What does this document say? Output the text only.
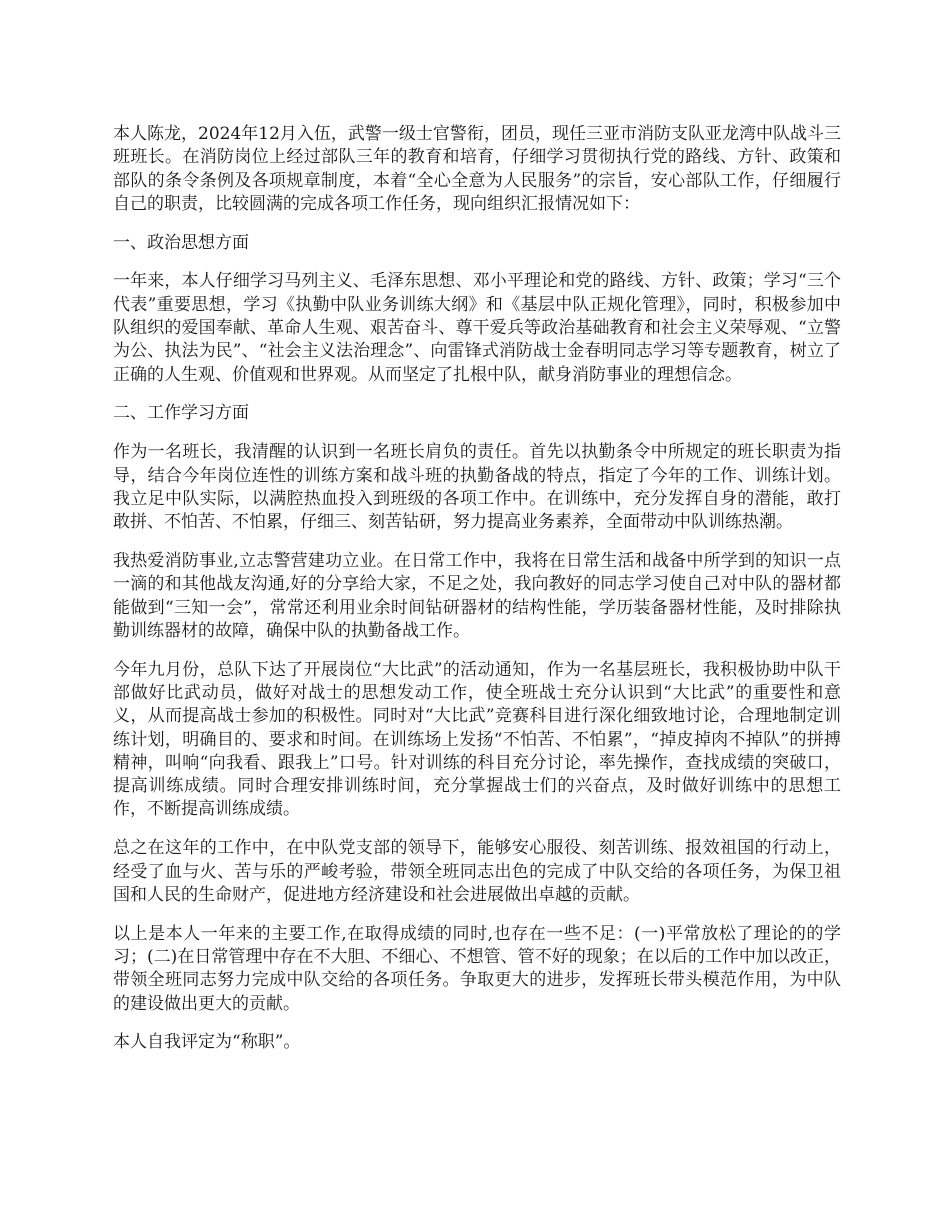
本人陈龙，2024年12月入伍，武警一级士官警衔，团员，现任三亚市消防支队亚龙湾中队战斗三班班长。在消防岗位上经过部队三年的教育和培育，仔细学习贯彻执行党的路线、方针、政策和部队的条令条例及各项规章制度，本着“全心全意为人民服务”的宗旨，安心部队工作，仔细履行自己的职责，比较圆满的完成各项工作任务，现向组织汇报情况如下：

一、政治思想方面

一年来，本人仔细学习马列主义、毛泽东思想、邓小平理论和党的路线、方针、政策；学习“三个代表”重要思想，学习《执勤中队业务训练大纲》和《基层中队正规化管理》，同时，积极参加中队组织的爱国奉献、革命人生观、艰苦奋斗、尊干爱兵等政治基础教育和社会主义荣辱观、“立警为公、执法为民”、“社会主义法治理念”、向雷锋式消防战士金春明同志学习等专题教育，树立了正确的人生观、价值观和世界观。从而坚定了扎根中队，献身消防事业的理想信念。

二、工作学习方面

作为一名班长，我清醒的认识到一名班长肩负的责任。首先以执勤条令中所规定的班长职责为指导，结合今年岗位连性的训练方案和战斗班的执勤备战的特点，指定了今年的工作、训练计划。我立足中队实际，以满腔热血投入到班级的各项工作中。在训练中，充分发挥自身的潜能，敢打敢拼、不怕苦、不怕累，仔细三、刻苦钻研，努力提高业务素养，全面带动中队训练热潮。

我热爱消防事业,立志警营建功立业。在日常工作中，我将在日常生活和战备中所学到的知识一点一滴的和其他战友沟通,好的分享给大家，不足之处，我向教好的同志学习使自己对中队的器材都能做到“三知一会”，常常还利用业余时间钻研器材的结构性能，学历装备器材性能，及时排除执勤训练器材的故障，确保中队的执勤备战工作。

今年九月份，总队下达了开展岗位“大比武”的活动通知，作为一名基层班长，我积极协助中队干部做好比武动员，做好对战士的思想发动工作，使全班战士充分认识到“大比武”的重要性和意义，从而提高战士参加的积极性。同时对“大比武”竞赛科目进行深化细致地讨论，合理地制定训练计划，明确目的、要求和时间。在训练场上发扬“不怕苦、不怕累”，“掉皮掉肉不掉队”的拼搏精神，叫响“向我看、跟我上”口号。针对训练的科目充分讨论，率先操作，查找成绩的突破口，提高训练成绩。同时合理安排训练时间，充分掌握战士们的兴奋点，及时做好训练中的思想工作，不断提高训练成绩。

总之在这年的工作中，在中队党支部的领导下，能够安心服役、刻苦训练、报效祖国的行动上，经受了血与火、苦与乐的严峻考验，带领全班同志出色的完成了中队交给的各项任务，为保卫祖国和人民的生命财产，促进地方经济建设和社会进展做出卓越的贡献。

以上是本人一年来的主要工作,在取得成绩的同时,也存在一些不足：(一)平常放松了理论的的学习；(二)在日常管理中存在不大胆、不细心、不想管、管不好的现象；在以后的工作中加以改正，带领全班同志努力完成中队交给的各项任务。争取更大的进步，发挥班长带头模范作用，为中队的建设做出更大的贡献。

本人自我评定为“称职”。
